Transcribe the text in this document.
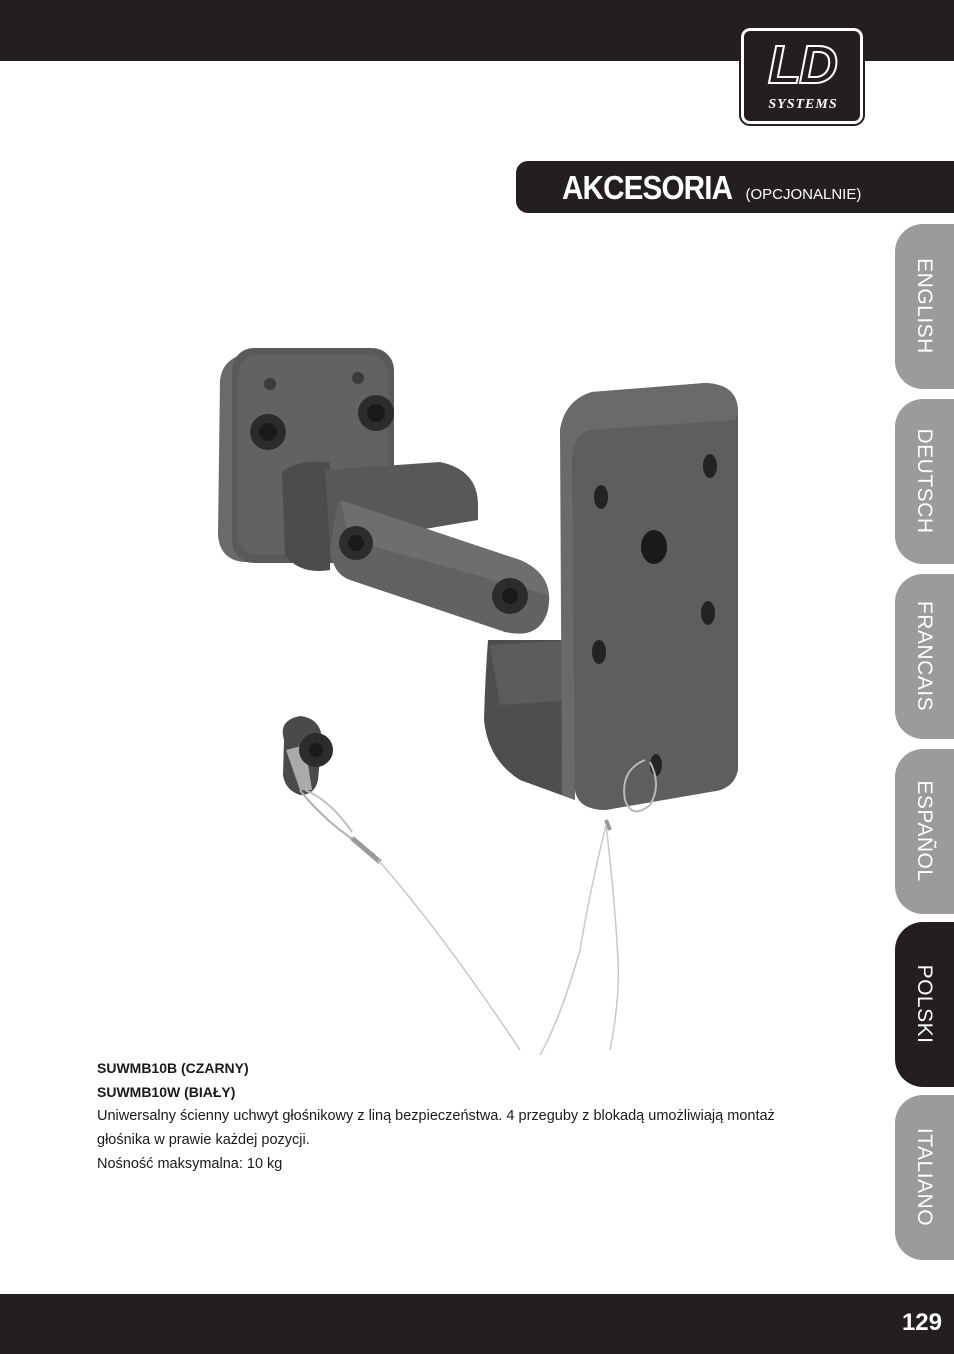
LD
SYSTEMS
AKCESORIA (OPCJONALNIE)
ENGLISH
DEUTSCH
FRANCAIS
ESPAÑOL
POLSKI
ITALIANO
SUWMB10B (CZARNY)
SUWMB10W (BIAŁY)
Uniwersalny ścienny uchwyt głośnikowy z liną bezpieczeństwa. 4 przeguby z blokadą umożliwiają montaż
głośnika w prawie każdej pozycji.
Nośność maksymalna: 10 kg
129
